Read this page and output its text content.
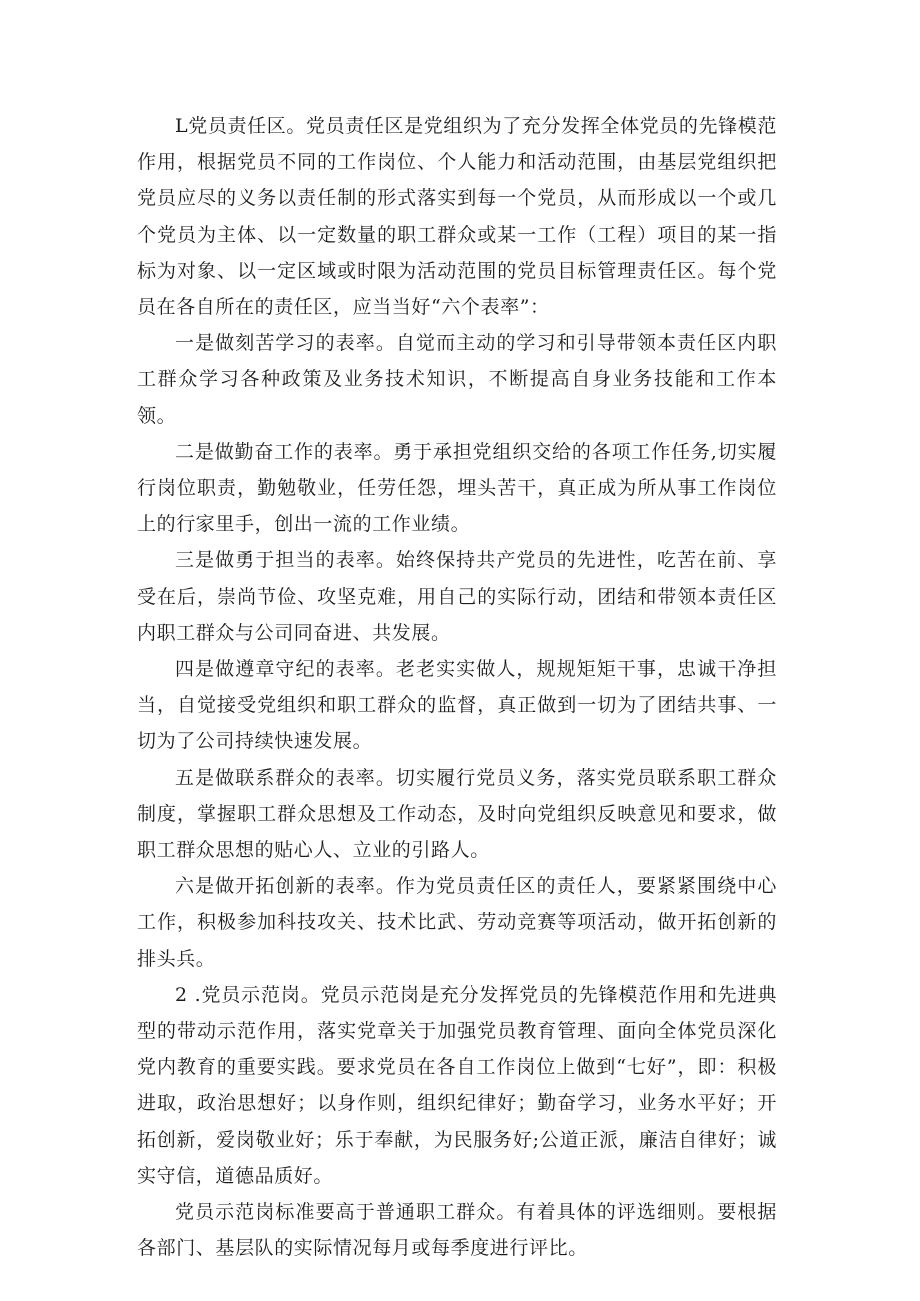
L党员责任区。党员责任区是党组织为了充分发挥全体党员的先锋模范作用，根据党员不同的工作岗位、个人能力和活动范围，由基层党组织把党员应尽的义务以责任制的形式落实到每一个党员，从而形成以一个或几个党员为主体、以一定数量的职工群众或某一工作（工程）项目的某一指标为对象、以一定区域或时限为活动范围的党员目标管理责任区。每个党员在各自所在的责任区，应当当好“六个表率”：

一是做刻苦学习的表率。自觉而主动的学习和引导带领本责任区内职工群众学习各种政策及业务技术知识，不断提高自身业务技能和工作本领。

二是做勤奋工作的表率。勇于承担党组织交给的各项工作任务,切实履行岗位职责，勤勉敬业，任劳任怨，埋头苦干，真正成为所从事工作岗位上的行家里手，创出一流的工作业绩。

三是做勇于担当的表率。始终保持共产党员的先进性，吃苦在前、享受在后，崇尚节俭、攻坚克难，用自己的实际行动，团结和带领本责任区内职工群众与公司同奋进、共发展。

四是做遵章守纪的表率。老老实实做人，规规矩矩干事，忠诚干净担当，自觉接受党组织和职工群众的监督，真正做到一切为了团结共事、一切为了公司持续快速发展。

五是做联系群众的表率。切实履行党员义务，落实党员联系职工群众制度，掌握职工群众思想及工作动态，及时向党组织反映意见和要求，做职工群众思想的贴心人、立业的引路人。

六是做开拓创新的表率。作为党员责任区的责任人，要紧紧围绕中心工作，积极参加科技攻关、技术比武、劳动竞赛等项活动，做开拓创新的排头兵。

2 .党员示范岗。党员示范岗是充分发挥党员的先锋模范作用和先进典型的带动示范作用，落实党章关于加强党员教育管理、面向全体党员深化党内教育的重要实践。要求党员在各自工作岗位上做到“七好”，即：积极进取，政治思想好；以身作则，组织纪律好；勤奋学习，业务水平好；开拓创新，爱岗敬业好；乐于奉献，为民服务好;公道正派，廉洁自律好；诚实守信，道德品质好。

党员示范岗标准要高于普通职工群众。有着具体的评选细则。要根据各部门、基层队的实际情况每月或每季度进行评比。
